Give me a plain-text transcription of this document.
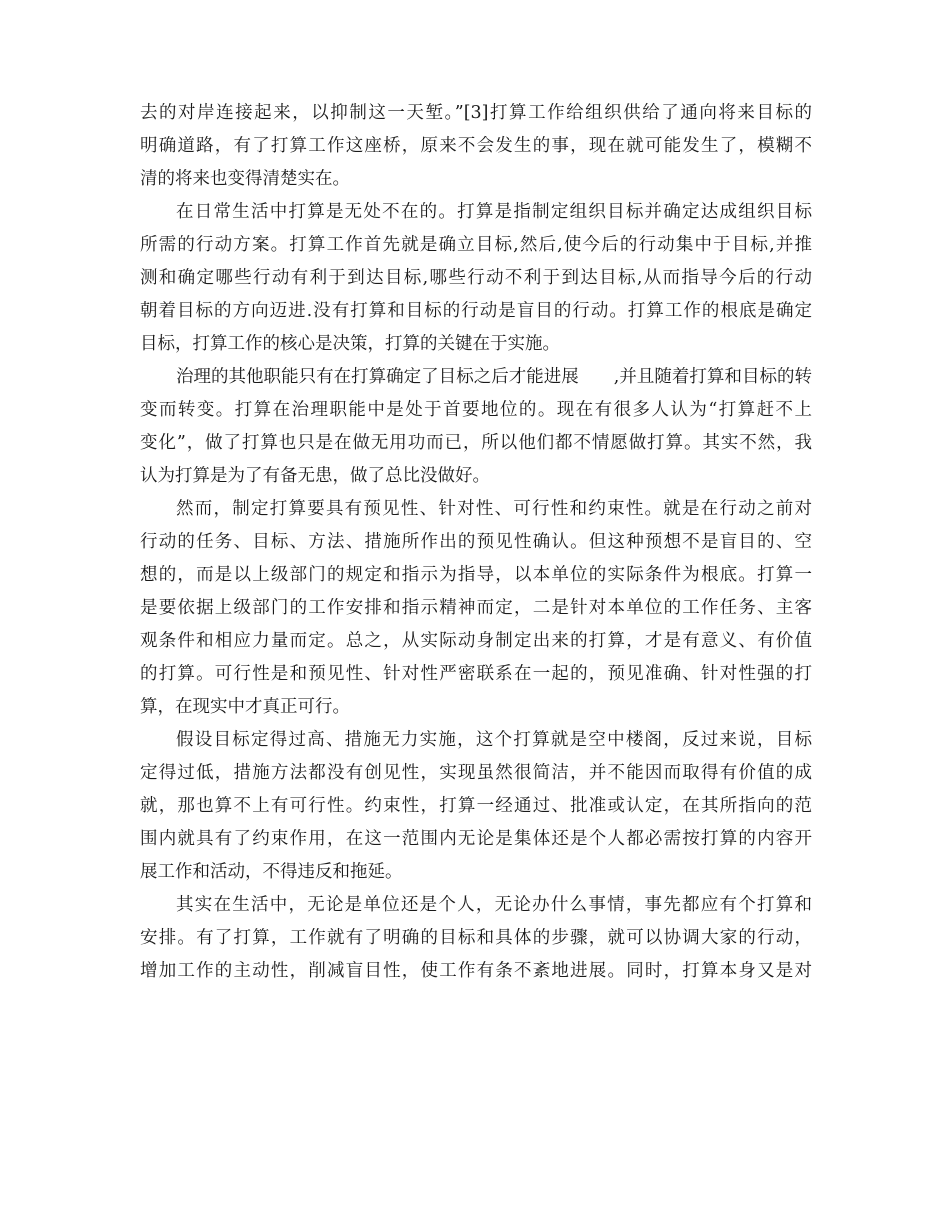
去的对岸连接起来，以抑制这一天堑。”[3]打算工作给组织供给了通向将来目标的
明确道路，有了打算工作这座桥，原来不会发生的事，现在就可能发生了，模糊不
清的将来也变得清楚实在。
在日常生活中打算是无处不在的。打算是指制定组织目标并确定达成组织目标
所需的行动方案。打算工作首先就是确立目标,然后,使今后的行动集中于目标,并推
测和确定哪些行动有利于到达目标,哪些行动不利于到达目标,从而指导今后的行动
朝着目标的方向迈进.没有打算和目标的行动是盲目的行动。打算工作的根底是确定
目标，打算工作的核心是决策，打算的关键在于实施。
治理的其他职能只有在打算确定了目标之后才能进展　　,并且随着打算和目标的转
变而转变。打算在治理职能中是处于首要地位的。现在有很多人认为“打算赶不上
变化”，做了打算也只是在做无用功而已，所以他们都不情愿做打算。其实不然，我
认为打算是为了有备无患，做了总比没做好。
然而，制定打算要具有预见性、针对性、可行性和约束性。就是在行动之前对
行动的任务、目标、方法、措施所作出的预见性确认。但这种预想不是盲目的、空
想的，而是以上级部门的规定和指示为指导，以本单位的实际条件为根底。打算一
是要依据上级部门的工作安排和指示精神而定，二是针对本单位的工作任务、主客
观条件和相应力量而定。总之，从实际动身制定出来的打算，才是有意义、有价值
的打算。可行性是和预见性、针对性严密联系在一起的，预见准确、针对性强的打
算，在现实中才真正可行。
假设目标定得过高、措施无力实施，这个打算就是空中楼阁，反过来说，目标
定得过低，措施方法都没有创见性，实现虽然很简洁，并不能因而取得有价值的成
就，那也算不上有可行性。约束性，打算一经通过、批准或认定，在其所指向的范
围内就具有了约束作用，在这一范围内无论是集体还是个人都必需按打算的内容开
展工作和活动，不得违反和拖延。
其实在生活中，无论是单位还是个人，无论办什么事情，事先都应有个打算和
安排。有了打算，工作就有了明确的目标和具体的步骤，就可以协调大家的行动，
增加工作的主动性，削减盲目性，使工作有条不紊地进展。同时，打算本身又是对
